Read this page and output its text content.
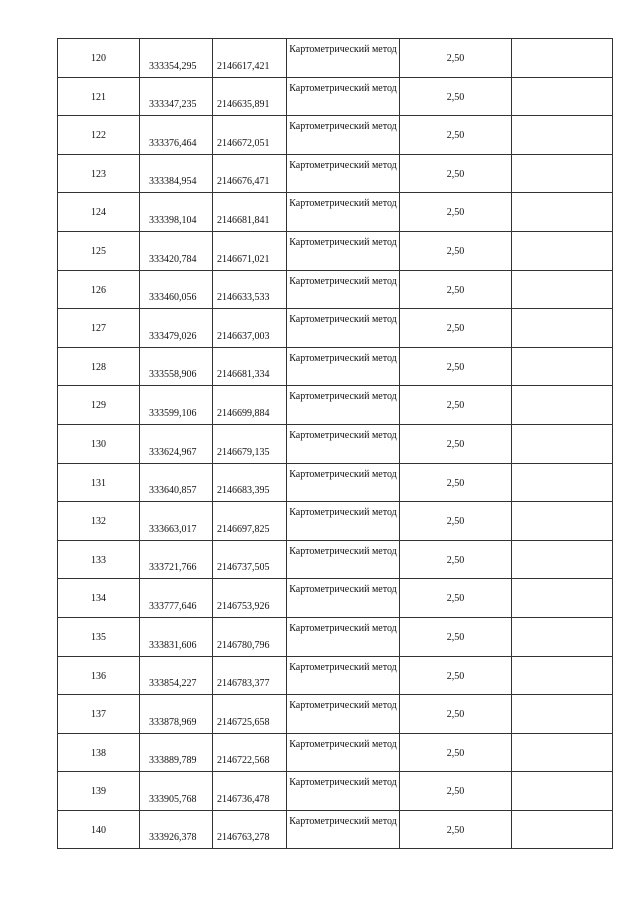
120	333354,295	2146617,421	Картометрический метод	2,50	

121	333347,235	2146635,891	Картометрический метод	2,50	

122	333376,464	2146672,051	Картометрический метод	2,50	

123	333384,954	2146676,471	Картометрический метод	2,50	

124	333398,104	2146681,841	Картометрический метод	2,50	

125	333420,784	2146671,021	Картометрический метод	2,50	

126	333460,056	2146633,533	Картометрический метод	2,50	

127	333479,026	2146637,003	Картометрический метод	2,50	

128	333558,906	2146681,334	Картометрический метод	2,50	

129	333599,106	2146699,884	Картометрический метод	2,50	

130	333624,967	2146679,135	Картометрический метод	2,50	

131	333640,857	2146683,395	Картометрический метод	2,50	

132	333663,017	2146697,825	Картометрический метод	2,50	

133	333721,766	2146737,505	Картометрический метод	2,50	

134	333777,646	2146753,926	Картометрический метод	2,50	

135	333831,606	2146780,796	Картометрический метод	2,50	

136	333854,227	2146783,377	Картометрический метод	2,50	

137	333878,969	2146725,658	Картометрический метод	2,50	

138	333889,789	2146722,568	Картометрический метод	2,50	

139	333905,768	2146736,478	Картометрический метод	2,50	

140	333926,378	2146763,278	Картометрический метод	2,50	
